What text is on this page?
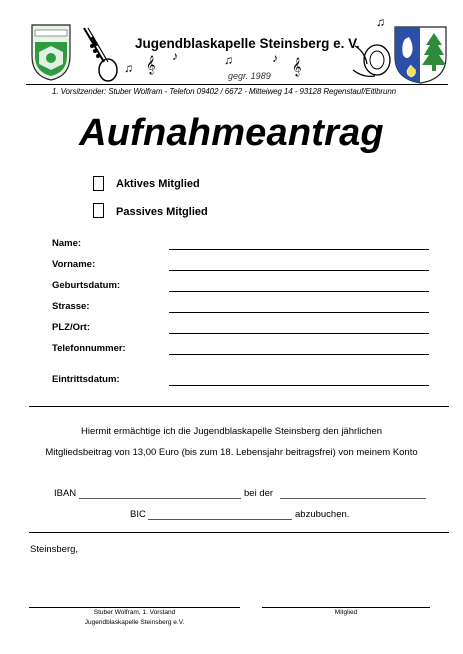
♫ 𝄞
♪	♫	♪
𝄞
♫
Jugendblaskapelle Steinsberg e. V.
gegr. 1989
1. Vorsitzender: Stuber Wolfram - Telefon 09402 / 6672 - Mitteiweg 14 - 93128 Regenstauf/Eitlbrunn
Aufnahmeantrag
Aktives Mitglied
Passives Mitglied
Name:
Vorname:
Geburtsdatum:
Strasse:
PLZ/Ort:
Telefonnummer:
Eintrittsdatum:
Hiermit ermächtige ich die Jugendblaskapelle Steinsberg den jährlichen
Mitgliedsbeitrag von 13,00 Euro (bis zum 18. Lebensjahr beitragsfrei) von meinem Konto
IBAN	bei der
BIC	abzubuchen.
Steinsberg,
Stuber Wolfram, 1. Vorstand
Jugendblaskapelle Steinsberg e.V.
Mitglied
